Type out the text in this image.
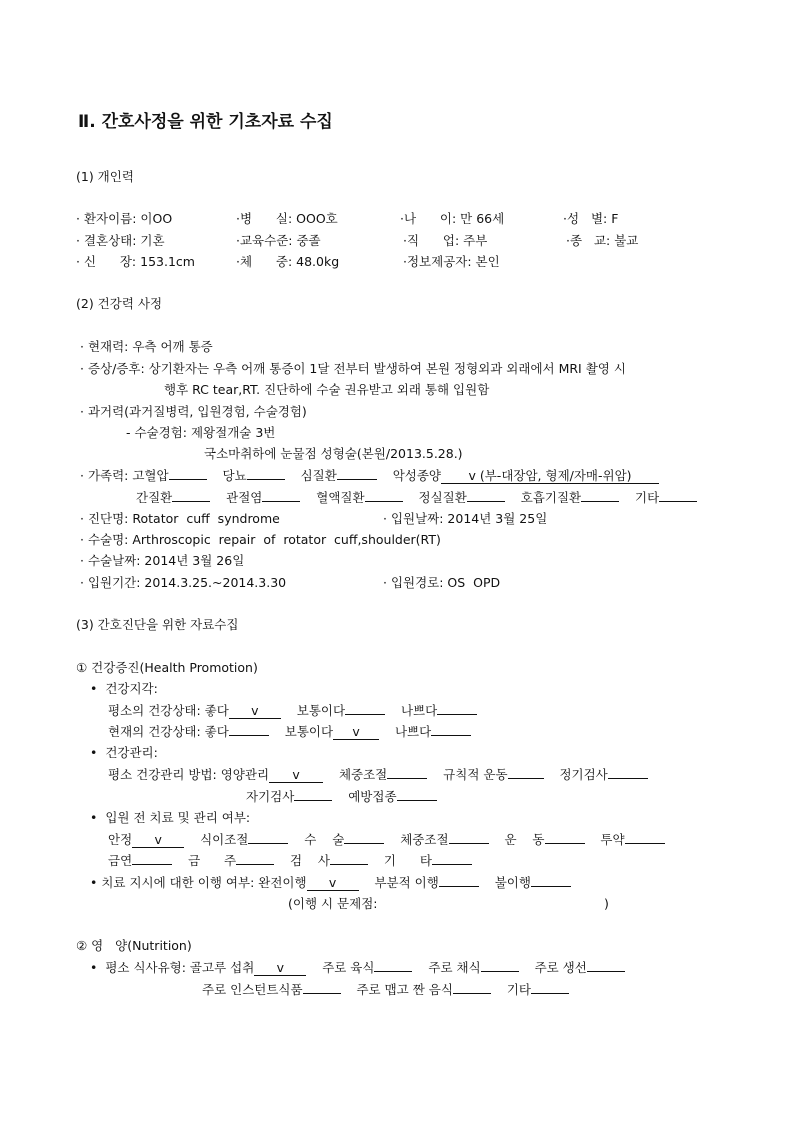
Ⅱ. 간호사정을 위한 기초자료 수집
(1) 개인력
· 환자이름: 이OO	·병      실: OOO호	·나      이: 만 66세	·성   별: F
· 결혼상태: 기혼	·교육수준: 중졸	·직      업: 주부	·종   교: 불교
· 신      장: 153.1cm	·체      중: 48.0kg	·정보제공자: 본인
(2) 건강력 사정
· 현재력: 우측 어깨 통증
· 증상/증후: 상기환자는 우측 어깨 통증이 1달 전부터 발생하여 본원 정형외과 외래에서 MRI 촬영 시
행후 RC tear,RT. 진단하에 수술 권유받고 외래 통해 입원함
· 과거력(과거질병력, 입원경험, 수술경험)
- 수술경험: 제왕절개술 3번
국소마취하에 눈물점 성형술(본원/2013.5.28.)
· 가족력: 고혈압	당뇨	심질환	악성종양 v (부-대장암, 형제/자매-위암)
간질환	관절염	혈액질환	정실질환	호흡기질환	기타
· 진단명: Rotator  cuff  syndrome	· 입원날짜: 2014년 3월 25일
· 수술명: Arthroscopic  repair  of  rotator  cuff,shoulder(RT)
· 수술날짜: 2014년 3월 26일
· 입원기간: 2014.3.25.~2014.3.30	· 입원경로: OS  OPD
(3) 간호진단을 위한 자료수집
① 건강증진(Health Promotion)
•  건강지각:
평소의 건강상태: 좋다 v	보통이다	나쁘다
현재의 건강상태: 좋다	보통이다 v	나쁘다
•  건강관리:
평소 건강관리 방법: 영양관리 v	체중조절	규칙적 운동	정기검사
자기검사	예방접종
•  입원 전 치료 및 관리 여부:
안정 v	식이조절	수    술	체중조절	운    동	투약
금연	금      주	검    사	기      타
• 치료 지시에 대한 이행 여부: 완전이행 v	부분적 이행	불이행
(이행 시 문제점:	)
② 영   양(Nutrition)
•  평소 식사유형: 골고루 섭취 v	주로 육식	주로 채식	주로 생선
주로 인스턴트식품	주로 맵고 짠 음식	기타
